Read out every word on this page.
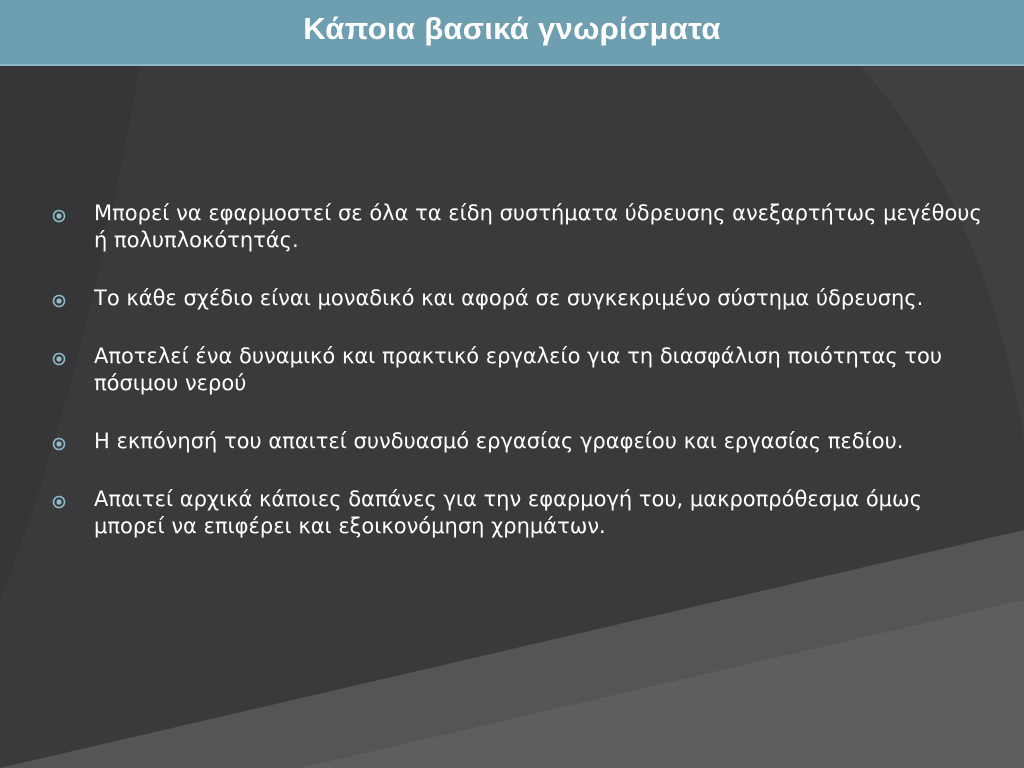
Κάποια βασικά γνωρίσματα
Μπορεί να εφαρμοστεί σε όλα τα είδη συστήματα ύδρευσης ανεξαρτήτως μεγέθους ή πολυπλοκότητάς.
Το κάθε σχέδιο είναι μοναδικό και αφορά σε συγκεκριμένο σύστημα ύδρευσης.
Αποτελεί ένα δυναμικό και πρακτικό εργαλείο για τη διασφάλιση ποιότητας του πόσιμου νερού
Η εκπόνησή του απαιτεί συνδυασμό εργασίας γραφείου και εργασίας πεδίου.
Απαιτεί αρχικά κάποιες δαπάνες για την εφαρμογή του, μακροπρόθεσμα όμως μπορεί να επιφέρει και εξοικονόμηση χρημάτων.
